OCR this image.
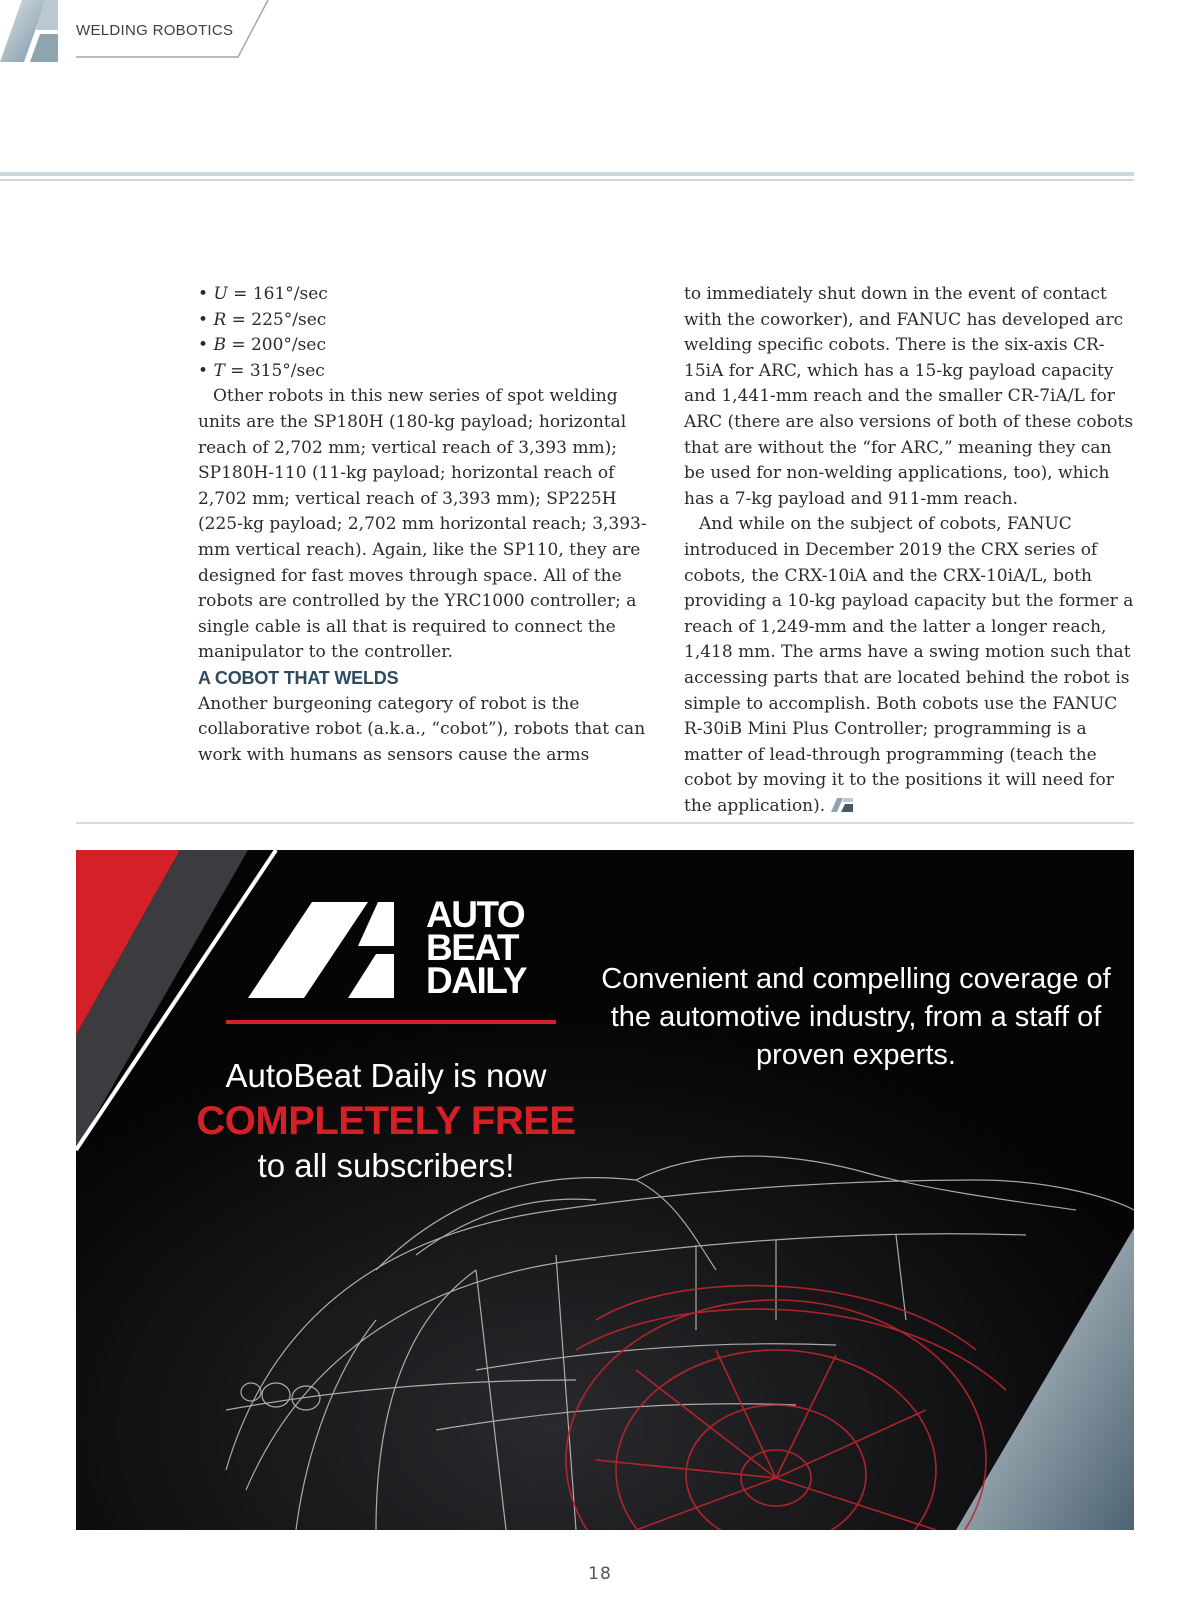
WELDING ROBOTICS

• U = 161°/sec

• R = 225°/sec

• B = 200°/sec

• T = 315°/sec

Other robots in this new series of spot welding units are the SP180H (180-kg payload; horizontal reach of 2,702 mm; vertical reach of 3,393 mm); SP180H-110 (11-kg payload; horizontal reach of 2,702 mm; vertical reach of 3,393 mm); SP225H (225-kg payload; 2,702 mm horizontal reach; 3,393-mm vertical reach). Again, like the SP110, they are designed for fast moves through space. All of the robots are controlled by the YRC1000 controller; a single cable is all that is required to connect the manipulator to the controller.

A COBOT THAT WELDS

Another burgeoning category of robot is the collaborative robot (a.k.a., “cobot”), robots that can work with humans as sensors cause the arms

to immediately shut down in the event of contact with the coworker), and FANUC has developed arc welding specific cobots. There is the six-axis CR-15iA for ARC, which has a 15-kg payload capacity and 1,441-mm reach and the smaller CR-7iA/L for ARC (there are also versions of both of these cobots that are without the “for ARC,” meaning they can be used for non-welding applications, too), which has a 7-kg payload and 911-mm reach.

And while on the subject of cobots, FANUC introduced in December 2019 the CRX series of cobots, the CRX-10iA and the CRX-10iA/L, both providing a 10-kg payload capacity but the former a reach of 1,249-mm and the latter a longer reach, 1,418 mm. The arms have a swing motion such that accessing parts that are located behind the robot is simple to accomplish. Both cobots use the FANUC R-30iB Mini Plus Controller; programming is a matter of lead-through programming (teach the cobot by moving it to the positions it will need for the application).

AUTO
BEAT
DAILY	Convenient and compelling coverage of the automotive industry, from a staff of proven experts.
AutoBeat Daily is now
COMPLETELY FREE
to all subscribers!
18
